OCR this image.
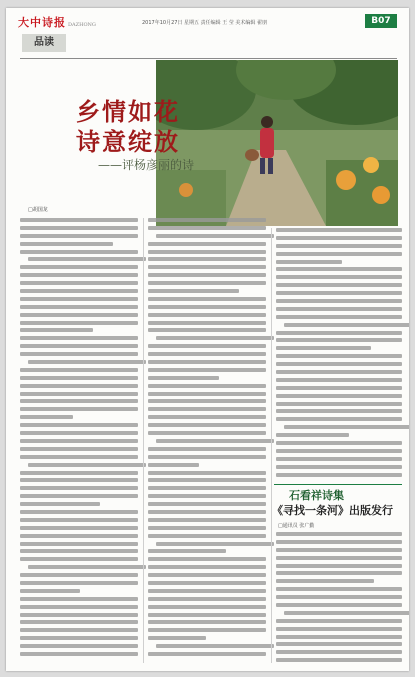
大中诗报 DAZHONG
品读
2017年10月27日 星期五 责任编辑 王 莹 美术编辑 翟朋	B07
乡情如花
诗意绽放
——评杨彦丽的诗
□胡国龙
石看祥诗集
《寻找一条河》出版发行
□通讯员 张广勤
